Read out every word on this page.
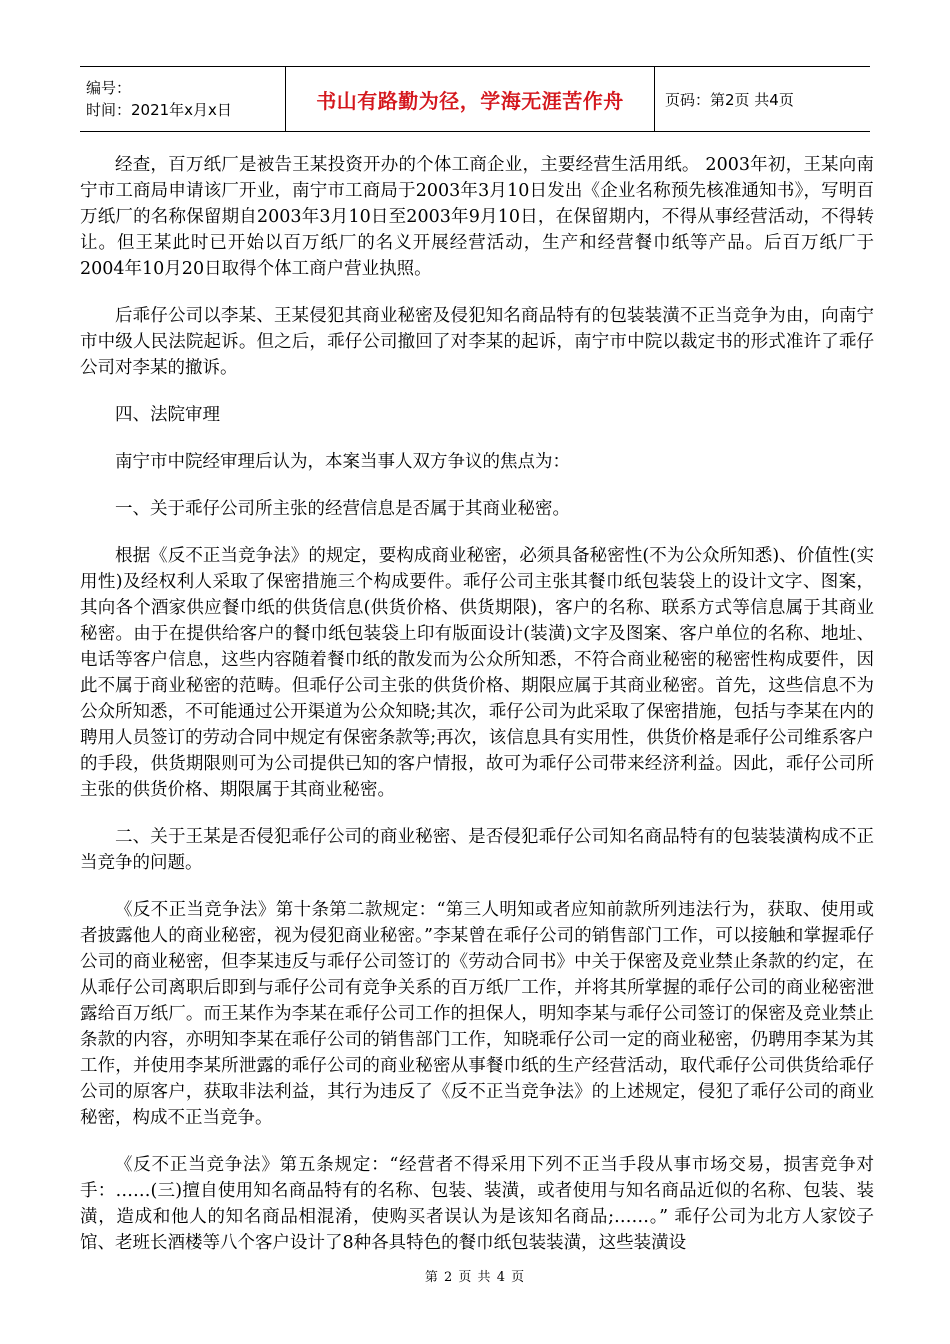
编号：
时间：2021年x月x日	书山有路勤为径，学海无涯苦作舟	页码：第2页 共4页

经查，百万纸厂是被告王某投资开办的个体工商企业，主要经营生活用纸。 2003年初，王某向南宁市工商局申请该厂开业，南宁市工商局于2003年3月10日发出《企业名称预先核准通知书》，写明百万纸厂的名称保留期自2003年3月10日至2003年9月10日，在保留期内，不得从事经营活动，不得转让。但王某此时已开始以百万纸厂的名义开展经营活动，生产和经营餐巾纸等产品。后百万纸厂于2004年10月20日取得个体工商户营业执照。

后乖仔公司以李某、王某侵犯其商业秘密及侵犯知名商品特有的包装装潢不正当竞争为由，向南宁市中级人民法院起诉。但之后，乖仔公司撤回了对李某的起诉，南宁市中院以裁定书的形式准许了乖仔公司对李某的撤诉。

四、法院审理

南宁市中院经审理后认为，本案当事人双方争议的焦点为：

一、关于乖仔公司所主张的经营信息是否属于其商业秘密。

根据《反不正当竞争法》的规定，要构成商业秘密，必须具备秘密性(不为公众所知悉)、价值性(实用性)及经权利人采取了保密措施三个构成要件。乖仔公司主张其餐巾纸包装袋上的设计文字、图案，其向各个酒家供应餐巾纸的供货信息(供货价格、供货期限)，客户的名称、联系方式等信息属于其商业秘密。由于在提供给客户的餐巾纸包装袋上印有版面设计(装潢)文字及图案、客户单位的名称、地址、电话等客户信息，这些内容随着餐巾纸的散发而为公众所知悉，不符合商业秘密的秘密性构成要件，因此不属于商业秘密的范畴。但乖仔公司主张的供货价格、期限应属于其商业秘密。首先，这些信息不为公众所知悉，不可能通过公开渠道为公众知晓;其次，乖仔公司为此采取了保密措施，包括与李某在内的聘用人员签订的劳动合同中规定有保密条款等;再次，该信息具有实用性，供货价格是乖仔公司维系客户的手段，供货期限则可为公司提供已知的客户情报，故可为乖仔公司带来经济利益。因此，乖仔公司所主张的供货价格、期限属于其商业秘密。

二、关于王某是否侵犯乖仔公司的商业秘密、是否侵犯乖仔公司知名商品特有的包装装潢构成不正当竞争的问题。

《反不正当竞争法》第十条第二款规定：“第三人明知或者应知前款所列违法行为，获取、使用或者披露他人的商业秘密，视为侵犯商业秘密。”李某曾在乖仔公司的销售部门工作，可以接触和掌握乖仔公司的商业秘密，但李某违反与乖仔公司签订的《劳动合同书》中关于保密及竞业禁止条款的约定，在从乖仔公司离职后即到与乖仔公司有竞争关系的百万纸厂工作，并将其所掌握的乖仔公司的商业秘密泄露给百万纸厂。而王某作为李某在乖仔公司工作的担保人，明知李某与乖仔公司签订的保密及竞业禁止条款的内容，亦明知李某在乖仔公司的销售部门工作，知晓乖仔公司一定的商业秘密，仍聘用李某为其工作，并使用李某所泄露的乖仔公司的商业秘密从事餐巾纸的生产经营活动，取代乖仔公司供货给乖仔公司的原客户，获取非法利益，其行为违反了《反不正当竞争法》的上述规定，侵犯了乖仔公司的商业秘密，构成不正当竞争。

《反不正当竞争法》第五条规定：“经营者不得采用下列不正当手段从事市场交易，损害竞争对手：……(三)擅自使用知名商品特有的名称、包装、装潢，或者使用与知名商品近似的名称、包装、装潢，造成和他人的知名商品相混淆，使购买者误认为是该知名商品;……。” 乖仔公司为北方人家饺子馆、老班长酒楼等八个客户设计了8种各具特色的餐巾纸包装装潢，这些装潢设

第 2 页 共 4 页
